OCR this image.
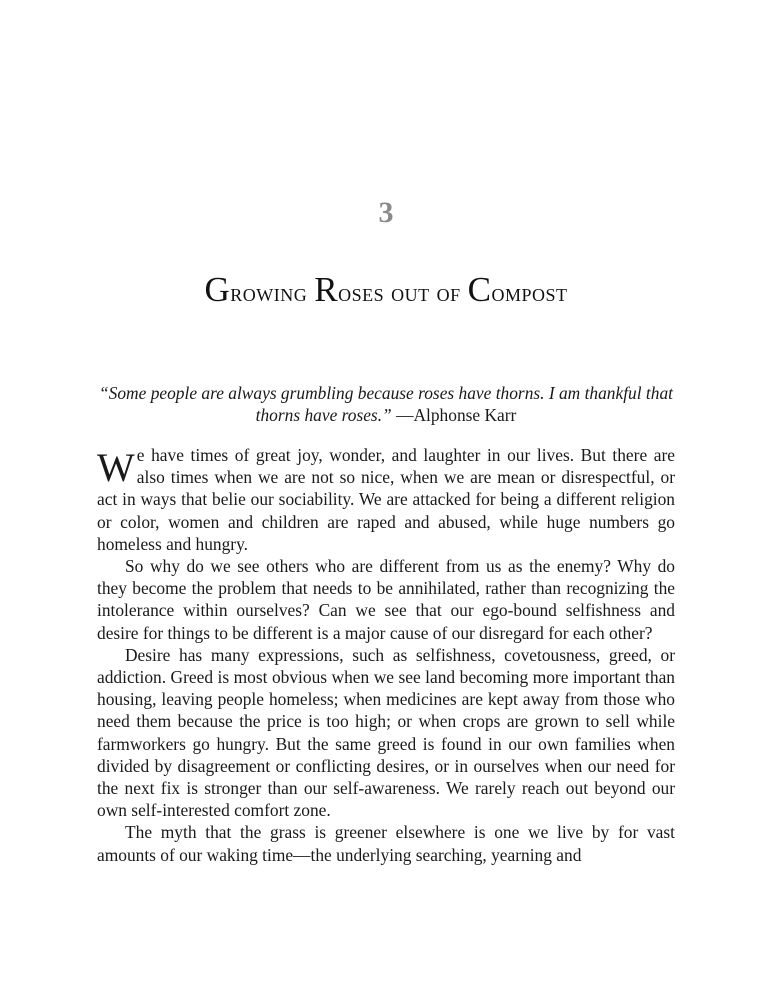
3
Growing Roses out of Compost
“Some people are always grumbling because roses have thorns. I am thankful that thorns have roses.” —Alphonse Karr

We have times of great joy, wonder, and laughter in our lives. But there are also times when we are not so nice, when we are mean or disrespectful, or act in ways that belie our sociability. We are attacked for being a different religion or color, women and children are raped and abused, while huge numbers go homeless and hungry.

So why do we see others who are different from us as the enemy? Why do they become the problem that needs to be annihilated, rather than recognizing the intolerance within ourselves? Can we see that our ego-bound selfishness and desire for things to be different is a major cause of our disregard for each other?

Desire has many expressions, such as selfishness, covetousness, greed, or addiction. Greed is most obvious when we see land becoming more important than housing, leaving people homeless; when medicines are kept away from those who need them because the price is too high; or when crops are grown to sell while farmworkers go hungry. But the same greed is found in our own families when divided by disagreement or conflicting desires, or in ourselves when our need for the next fix is stronger than our self-awareness. We rarely reach out beyond our own self-interested comfort zone.

The myth that the grass is greener elsewhere is one we live by for vast amounts of our waking time—the underlying searching, yearning and
